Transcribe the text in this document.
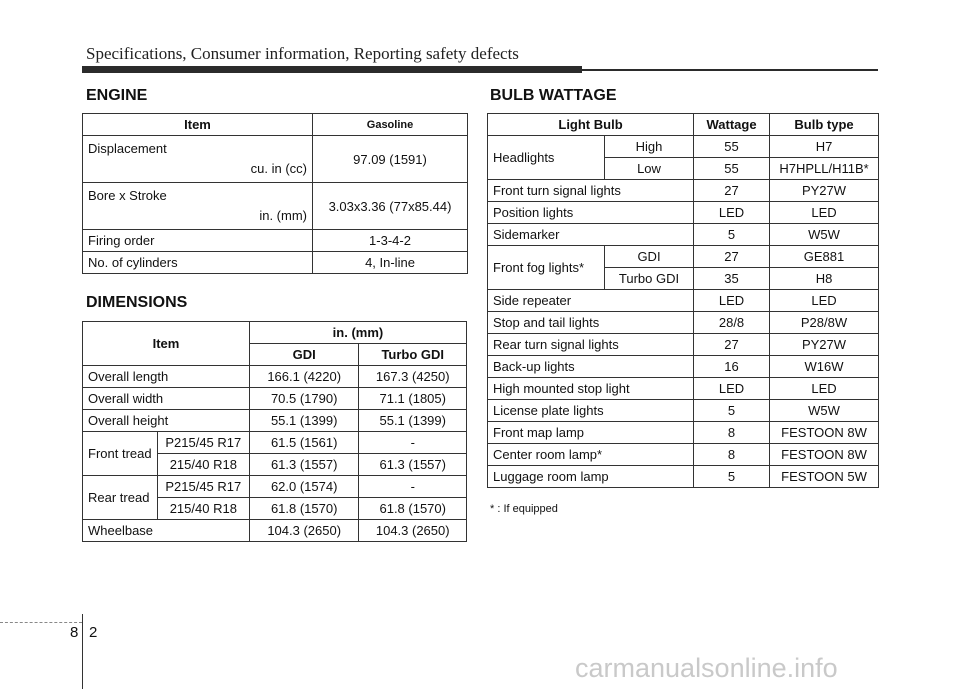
Specifications, Consumer information, Reporting safety defects
ENGINE
Item	Gasoline

Displacement
cu. in (cc)	97.09 (1591)

Bore x Stroke
in. (mm)	3.03x3.36 (77x85.44)
Firing order	1-3-4-2
No. of cylinders	4, In-line
DIMENSIONS
Item		in. (mm)	
		GDI	Turbo GDI
Overall length		166.1 (4220)	167.3 (4250)
Overall width		70.5 (1790)	71.1 (1805)
Overall height		55.1 (1399)	55.1 (1399)
Front tread	P215/45 R17	61.5 (1561)	-
	215/40 R18	61.3 (1557)	61.3 (1557)
Rear tread	P215/45 R17	62.0 (1574)	-
	215/40 R18	61.8 (1570)	61.8 (1570)
Wheelbase		104.3 (2650)	104.3 (2650)
BULB WATTAGE
Light Bulb		Wattage	Bulb type
Headlights	High	55	H7
	Low	55	H7HPLL/H11B*
Front turn signal lights		27	PY27W
Position lights		LED	LED
Sidemarker		5	W5W
Front fog lights*	GDI	27	GE881
	Turbo GDI	35	H8
Side repeater		LED	LED
Stop and tail lights		28/8	P28/8W
Rear turn signal lights		27	PY27W
Back-up lights		16	W16W
High mounted stop light		LED	LED
License plate lights		5	W5W
Front map lamp		8	FESTOON 8W
Center room lamp*		8	FESTOON 8W
Luggage room lamp		5	FESTOON 5W
* : If equipped
8 2
carmanualsonline.info
